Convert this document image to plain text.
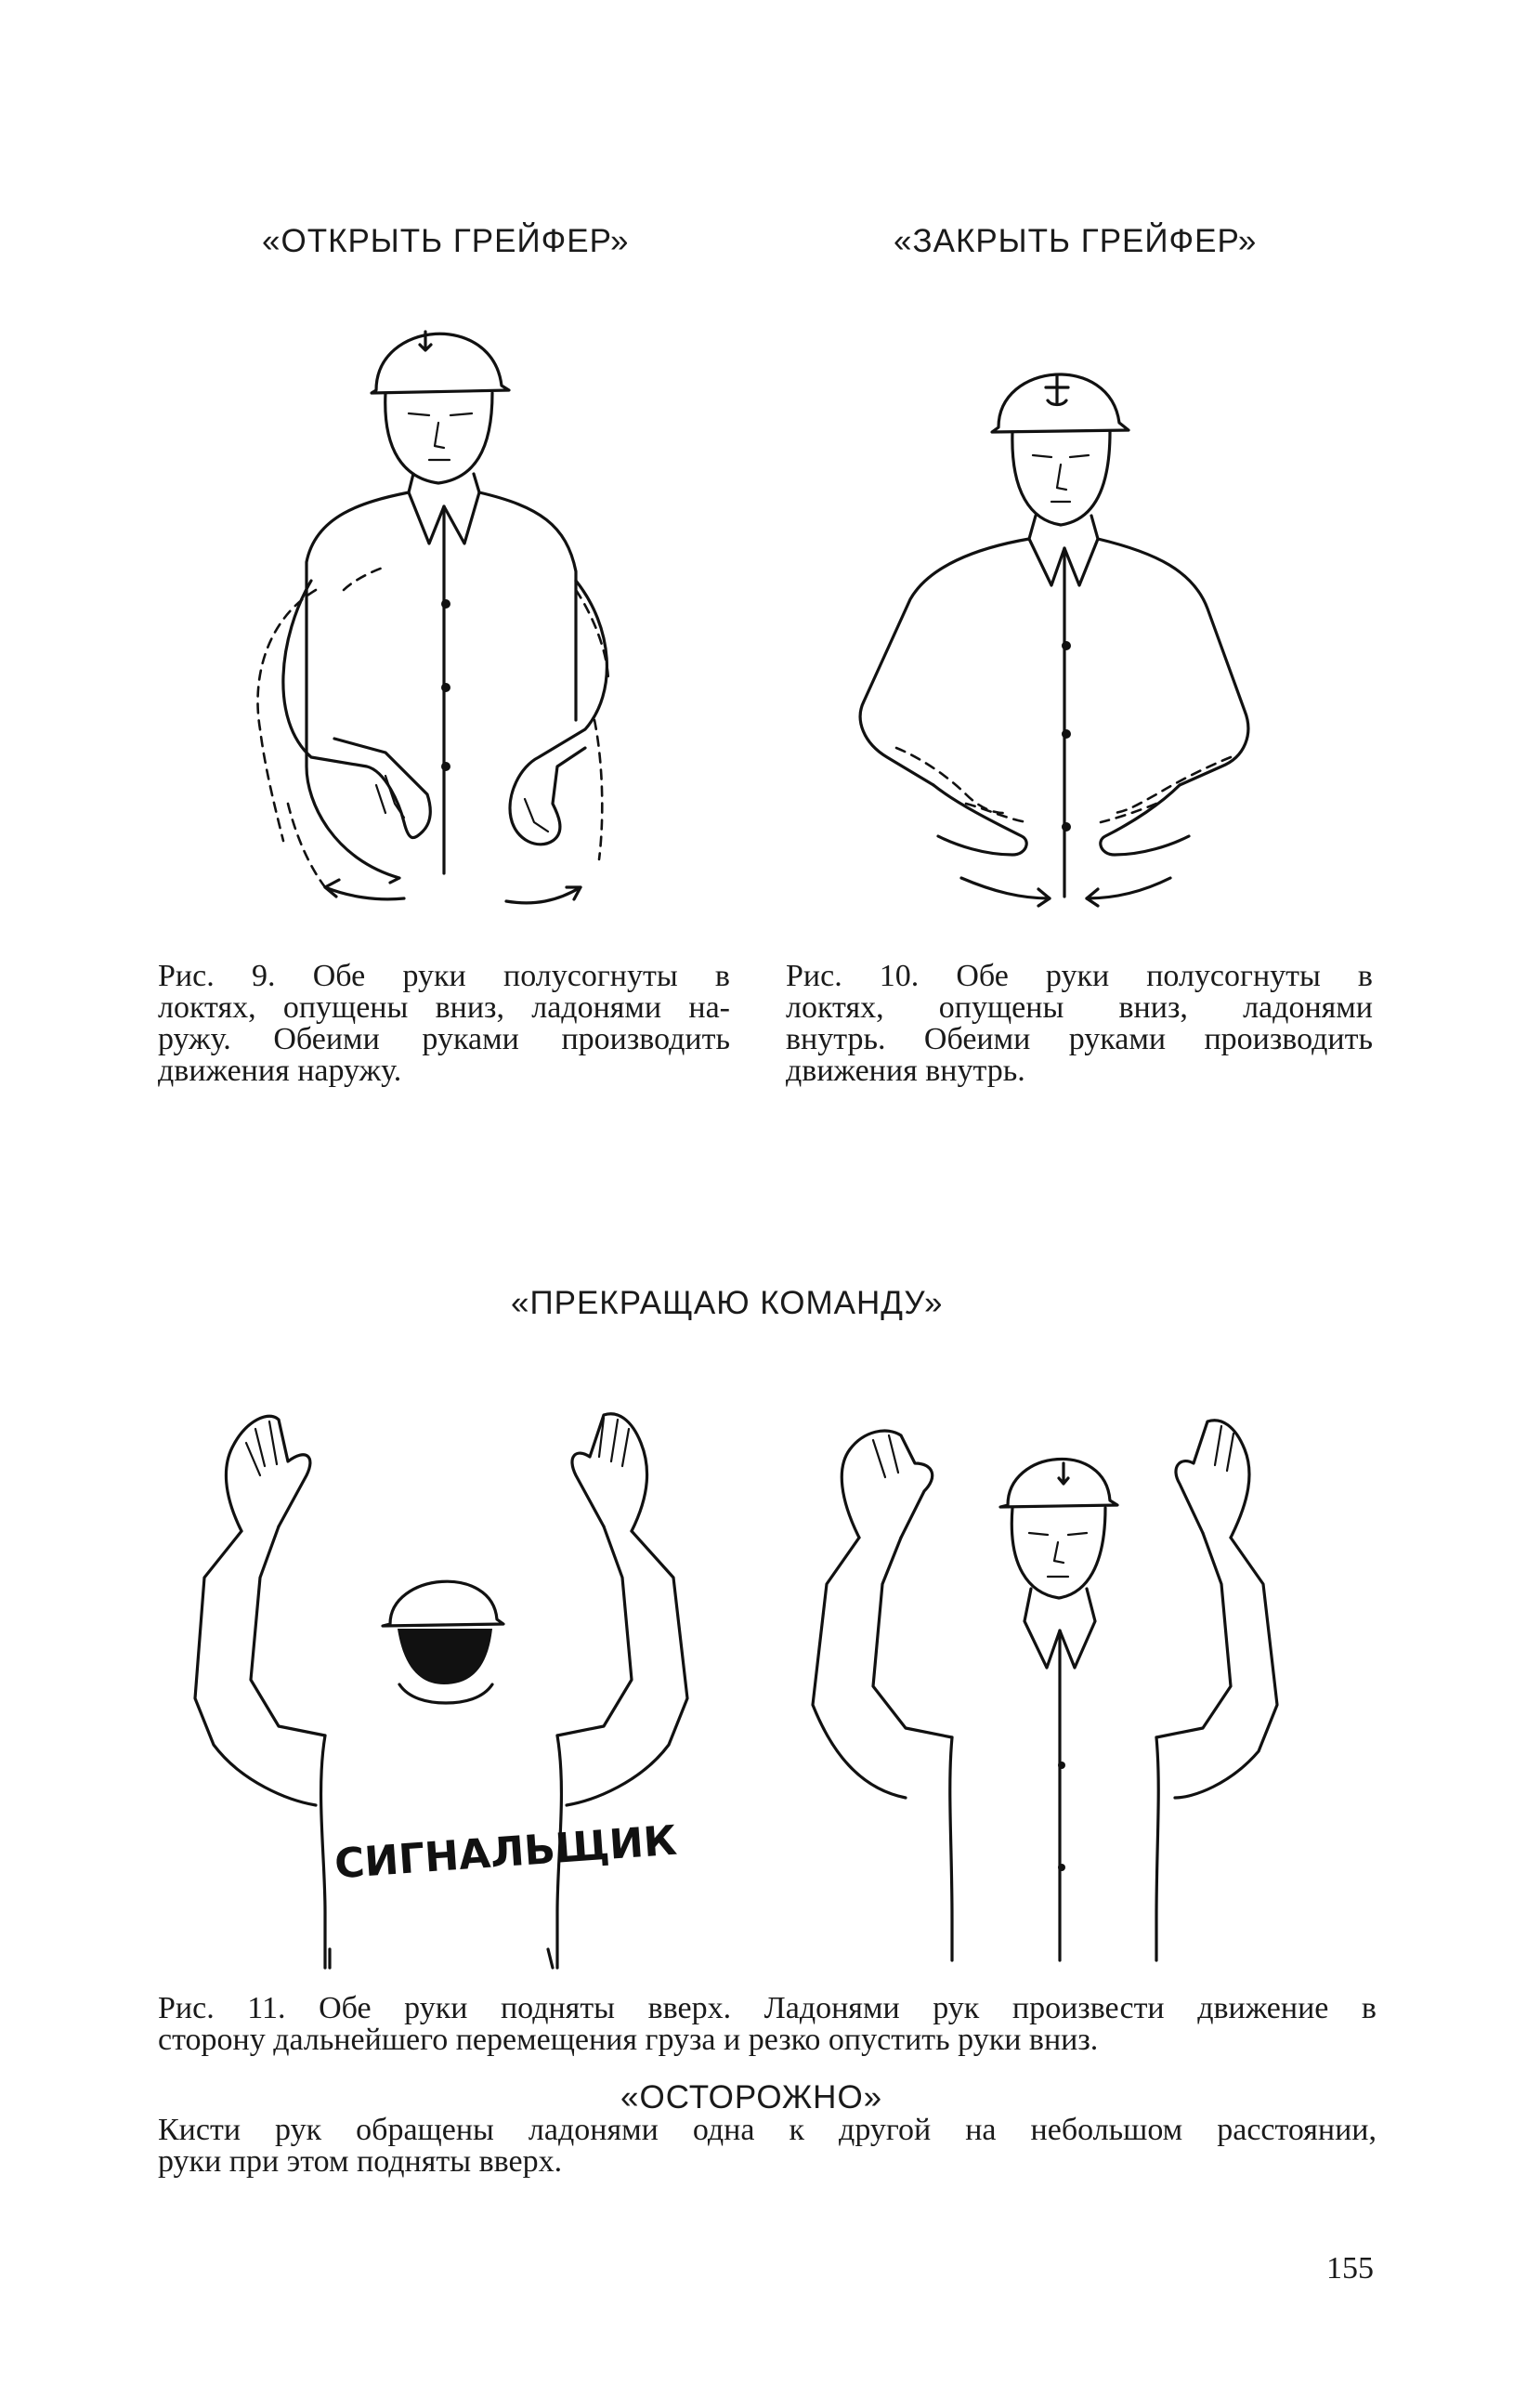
«ОТКРЫТЬ ГРЕЙФЕР»	«ЗАКРЫТЬ ГРЕЙФЕР»
«ПРЕКРАЩАЮ КОМАНДУ»
Рис. 9. Обе руки полусогнуты в
локтях, опущены вниз, ладонями на-
ружу. Обеими руками производить
движения наружу.
Рис. 10. Обе руки полусогнуты в
локтях, опущены вниз, ладонями
внутрь. Обеими руками производить
движения внутрь.
СИГНАЛЬЩИК
Рис. 11. Обе руки подняты вверх. Ладонями рук произвести движение в
сторону дальнейшего перемещения груза и резко опустить руки вниз.
«ОСТОРОЖНО»
Кисти рук обращены ладонями одна к другой на небольшом расстоянии,
руки при этом подняты вверх.
155
